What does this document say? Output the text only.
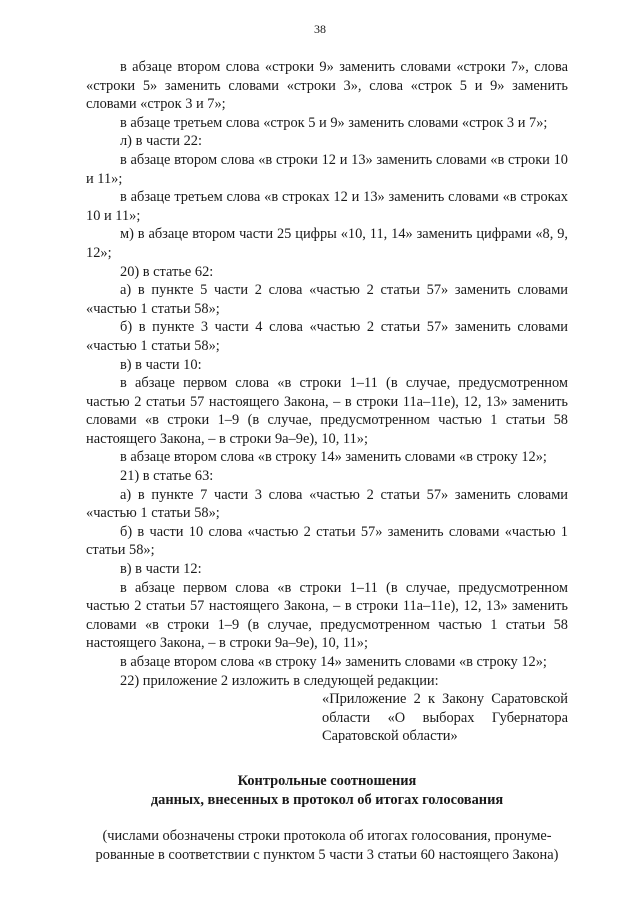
38

в абзаце втором слова «строки 9» заменить словами «строки 7», слова «строки 5» заменить словами «строки 3», слова «строк 5 и 9» заменить словами «строк 3 и 7»;

в абзаце третьем слова «строк 5 и 9» заменить словами «строк 3 и 7»;

л) в части 22:

в абзаце втором слова «в строки 12 и 13» заменить словами «в строки 10 и 11»;

в абзаце третьем слова «в строках 12 и 13» заменить словами «в строках 10 и 11»;

м) в абзаце втором части 25 цифры «10, 11, 14» заменить цифрами «8, 9, 12»;

20) в статье 62:

а) в пункте 5 части 2 слова «частью 2 статьи 57» заменить словами «частью 1 статьи 58»;

б) в пункте 3 части 4 слова «частью 2 статьи 57» заменить словами «частью 1 статьи 58»;

в) в части 10:

в абзаце первом слова «в строки 1–11 (в случае, предусмотренном частью 2 статьи 57 настоящего Закона, – в строки 11а–11е), 12, 13» заменить словами «в строки 1–9 (в случае, предусмотренном частью 1 статьи 58 настоящего Закона, – в строки 9а–9е), 10, 11»;

в абзаце втором слова «в строку 14» заменить словами «в строку 12»;

21) в статье 63:

а) в пункте 7 части 3 слова «частью 2 статьи 57» заменить словами «частью 1 статьи 58»;

б) в части 10 слова «частью 2 статьи 57» заменить словами «частью 1 статьи 58»;

в) в части 12:

в абзаце первом слова «в строки 1–11 (в случае, предусмотренном частью 2 статьи 57 настоящего Закона, – в строки 11а–11е), 12, 13» заменить словами «в строки 1–9 (в случае, предусмотренном частью 1 статьи 58 настоящего Закона, – в строки 9а–9е), 10, 11»;

в абзаце втором слова «в строку 14» заменить словами «в строку 12»;

22) приложение 2 изложить в следующей редакции:

«Приложение 2 к Закону Саратовской области «О выборах Губернатора Саратовской области»

Контрольные соотношения
данных, внесенных в протокол об итогах голосования
(числами обозначены строки протокола об итогах голосования, пронумерованные в соответствии с пунктом 5 части 3 статьи 60 настоящего Закона)
